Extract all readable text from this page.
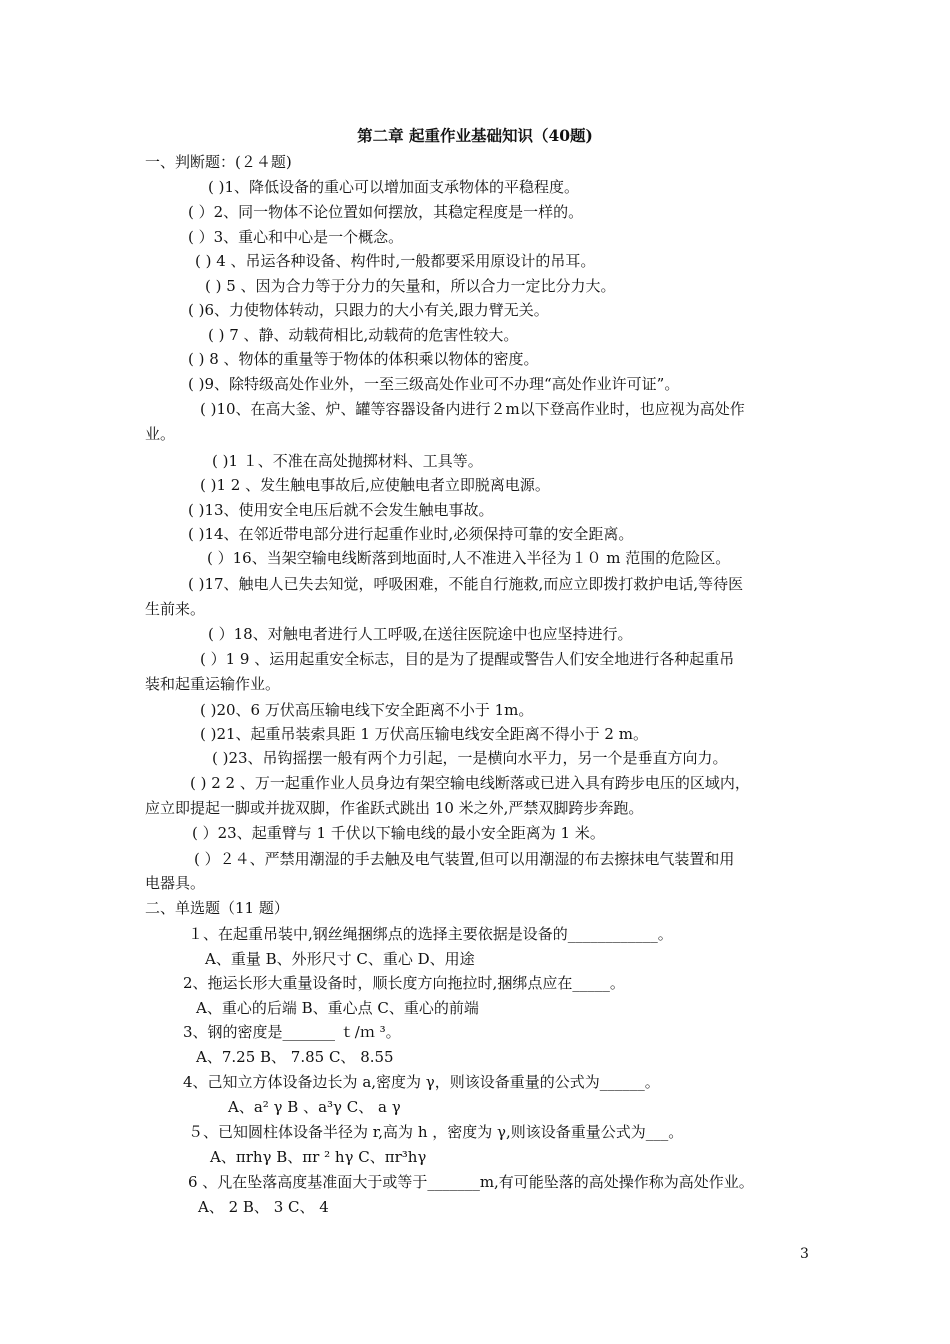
第二章 起重作业基础知识（40题)
一、判断题：(２４题)
( )1、降低设备的重心可以增加面支承物体的平稳程度。
( ）2、同一物体不论位置如何摆放，其稳定程度是一样的。
( ）3、重心和中心是一个概念。
( ) 4 、吊运各种设备、构件时,一般都要采用原设计的吊耳。
( ) 5 、因为合力等于分力的矢量和，所以合力一定比分力大。
( )6、力使物体转动，只跟力的大小有关,跟力臂无关。
( ) 7 、静、动载荷相比,动载荷的危害性较大。
( ) 8 、物体的重量等于物体的体积乘以物体的密度。
( )9、除特级高处作业外，一至三级高处作业可不办理“高处作业许可证”。
( )10、在高大釜、炉、罐等容器设备内进行２m以下登高作业时，也应视为高处作
业。
( )1 １、不准在高处抛掷材料、工具等。
( )1 2 、发生触电事故后,应使触电者立即脱离电源。
( )13、使用安全电压后就不会发生触电事故。
( )14、在邻近带电部分进行起重作业时,必须保持可靠的安全距离。
( ）16、当架空输电线断落到地面时,人不准进入半径为１０ m 范围的危险区。
( )17、触电人已失去知觉，呼吸困难，不能自行施救,而应立即拨打救护电话,等待医
生前来。
( ）18、对触电者进行人工呼吸,在送往医院途中也应坚持进行。
( ）1 9 、运用起重安全标志，目的是为了提醒或警告人们安全地进行各种起重吊
装和起重运输作业。
( )20、6 万伏高压输电线下安全距离不小于 1m。
( )21、起重吊装索具距 1 万伏高压输电线安全距离不得小于 2 m。
( )23、吊钩摇摆一般有两个力引起，一是横向水平力，另一个是垂直方向力。
( ) 2 2 、万一起重作业人员身边有架空输电线断落或已进入具有跨步电压的区域内，
应立即提起一脚或并拢双脚，作雀跃式跳出 10 米之外,严禁双脚跨步奔跑。
( ）23、起重臂与 1 千伏以下输电线的最小安全距离为 1 米。
( ）２４、严禁用潮湿的手去触及电气装置,但可以用潮湿的布去擦抹电气装置和用
电器具。
二、单选题（11 题）
１、在起重吊装中,钢丝绳捆绑点的选择主要依据是设备的____________。
A、重量 B、外形尺寸 C、重心 D、用途
2、拖运长形大重量设备时，顺长度方向拖拉时,捆绑点应在_____。
A、重心的后端 B、重心点 C、重心的前端
3、钢的密度是_______ ｔ/ｍ ³。
A、7.25 B、 7.85 C、 8.55
4、己知立方体设备边长为 a,密度为 γ，则该设备重量的公式为______。
A、a² γ B 、a³γ C、 a γ
５、已知圆柱体设备半径为 r,高为 h ，密度为 γ,则该设备重量公式为___。
A、πrhγ B、πr ² hγ C、πr³hγ
6 、凡在坠落高度基准面大于或等于_______m,有可能坠落的高处操作称为高处作业。
A、 2 B、 3 C、 4
3
